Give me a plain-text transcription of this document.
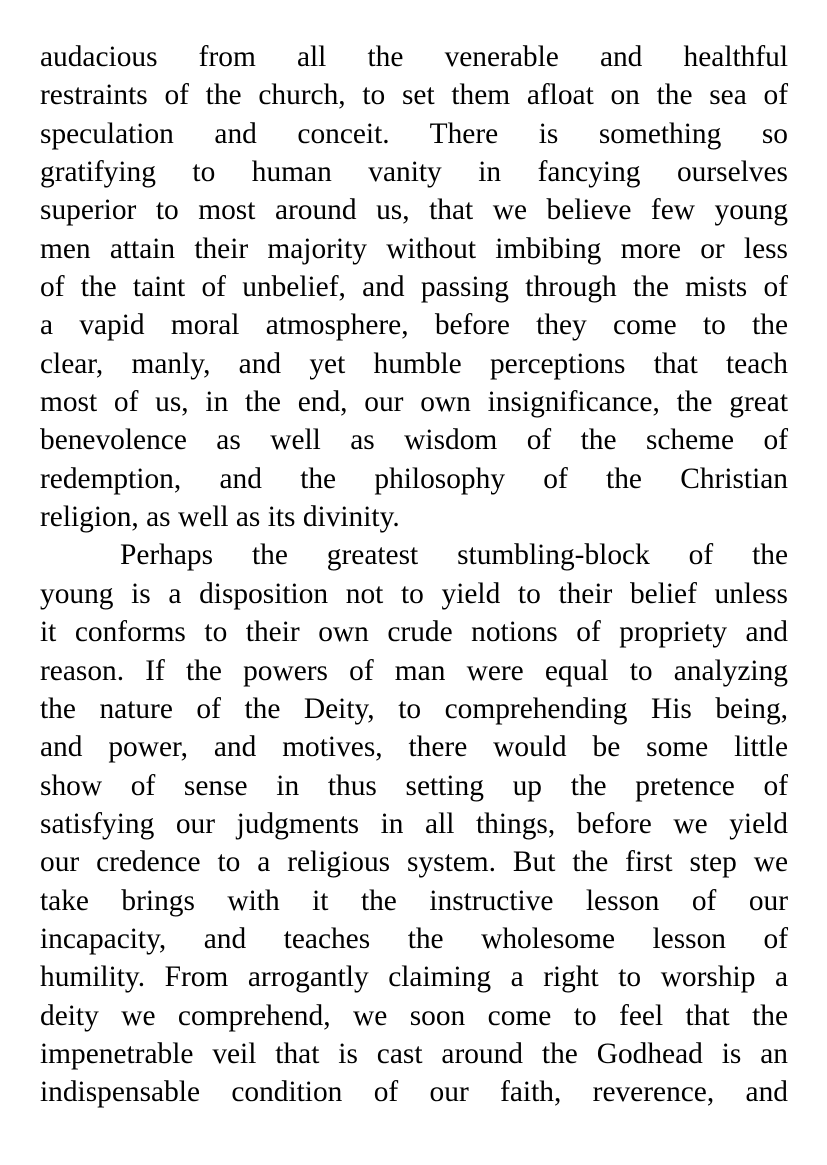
audacious from all the venerable and healthful
restraints of the church, to set them afloat on the sea of
speculation and conceit. There is something so
gratifying to human vanity in fancying ourselves
superior to most around us, that we believe few young
men attain their majority without imbibing more or less
of the taint of unbelief, and passing through the mists of
a vapid moral atmosphere, before they come to the
clear, manly, and yet humble perceptions that teach
most of us, in the end, our own insignificance, the great
benevolence as well as wisdom of the scheme of
redemption, and the philosophy of the Christian
religion, as well as its divinity.
Perhaps the greatest stumbling-block of the
young is a disposition not to yield to their belief unless
it conforms to their own crude notions of propriety and
reason. If the powers of man were equal to analyzing
the nature of the Deity, to comprehending His being,
and power, and motives, there would be some little
show of sense in thus setting up the pretence of
satisfying our judgments in all things, before we yield
our credence to a religious system. But the first step we
take brings with it the instructive lesson of our
incapacity, and teaches the wholesome lesson of
humility. From arrogantly claiming a right to worship a
deity we comprehend, we soon come to feel that the
impenetrable veil that is cast around the Godhead is an
indispensable condition of our faith, reverence, and
